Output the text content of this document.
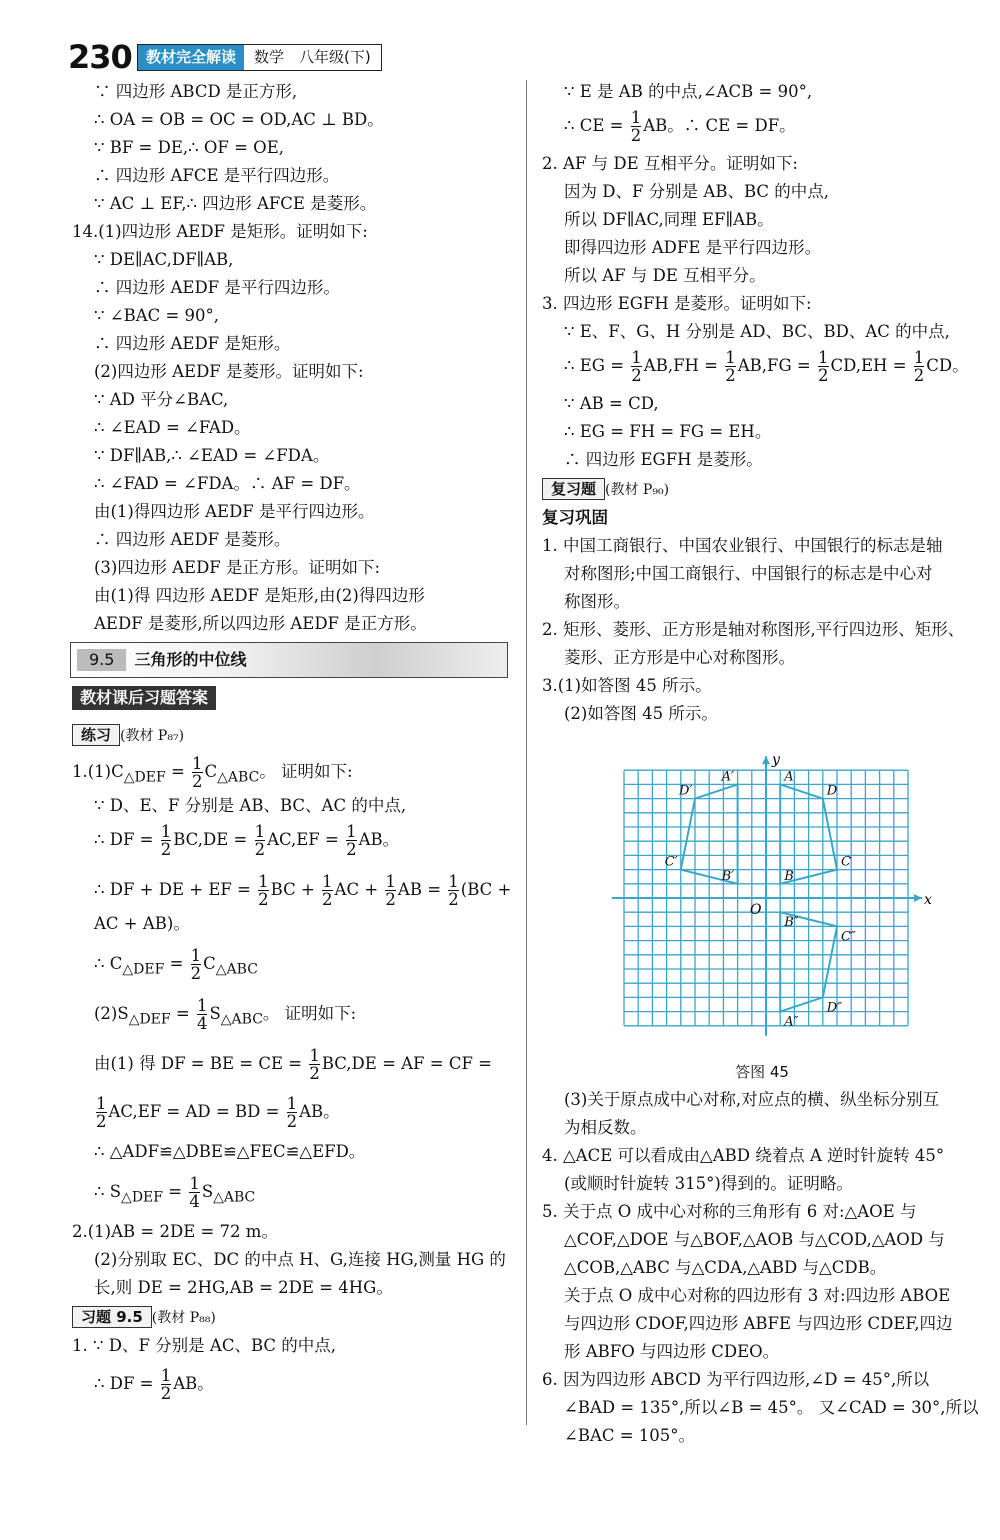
230 教材完全解读	数学　八年级(下)
∵ 四边形 ABCD 是正方形,
∴ OA = OB = OC = OD,AC ⊥ BD。
∵ BF = DE,∴ OF = OE,
∴ 四边形 AFCE 是平行四边形。
∵ AC ⊥ EF,∴ 四边形 AFCE 是菱形。
14.(1)四边形 AEDF 是矩形。证明如下:
∵ DE∥AC,DF∥AB,
∴ 四边形 AEDF 是平行四边形。
∵ ∠BAC = 90°,
∴ 四边形 AEDF 是矩形。
(2)四边形 AEDF 是菱形。证明如下:
∵ AD 平分∠BAC,
∴ ∠EAD = ∠FAD。
∵ DF∥AB,∴ ∠EAD = ∠FDA。
∴ ∠FAD = ∠FDA。∴ AF = DF。
由(1)得四边形 AEDF 是平行四边形。
∴ 四边形 AEDF 是菱形。
(3)四边形 AEDF 是正方形。证明如下:
由(1)得 四边形 AEDF 是矩形,由(2)得四边形
AEDF 是菱形,所以四边形 AEDF 是正方形。
9.5	三角形的中位线
教材课后习题答案
练习 (教材 P₈₇)
$1.(1)C_{\triangle DEF} = \frac{1}{2} C_{\triangle ABC}$。 证明如下:
∵ D、E、F 分别是 AB、BC、AC 的中点,
∴ DF = $\frac{1}{2} BC,DE = \frac{1}{2} AC,EF = \frac{1}{2}$ AB。
∴ DF + DE + EF = $\frac{1}{2}$ BC + $\frac{1}{2}$ AC + $\frac{1}{2}$ AB = $\frac{1}{2} (BC$ +
AC + AB)。
∴ $C_{\triangle DEF} = \frac{1}{2} C_{\triangle ABC}$
$(2)S_{\triangle DEF} = \frac{1}{4} S_{\triangle ABC}$。 证明如下:
由(1) 得 DF = BE = CE = $\frac{1}{2} BC,DE$ = AF = CF =
$\frac{1}{2} AC,EF$ = AD = BD = $\frac{1}{2}$ AB。
∴ △ADF≌△DBE≌△FEC≌△EFD。
∴ $S_{\triangle DEF} = \frac{1}{4} S_{\triangle ABC}$
2.(1)AB = 2DE = 72 m。
(2)分别取 EC、DC 的中点 H、G,连接 HG,测量 HG 的
长,则 DE = 2HG,AB = 2DE = 4HG。
习题 9.5 (教材 P₈₈)
1. ∵ D、F 分别是 AC、BC 的中点,
∴ DF = $\frac{1}{2}$ AB。
∵ E 是 AB 的中点,∠ACB = 90°,
∴ CE = $\frac{1}{2}$ AB。∴ CE = DF。
2. AF 与 DE 互相平分。证明如下:
因为 D、F 分别是 AB、BC 的中点,
所以 DF∥AC,同理 EF∥AB。
即得四边形 ADFE 是平行四边形。
所以 AF 与 DE 互相平分。
3. 四边形 EGFH 是菱形。证明如下:
∵ E、F、G、H 分别是 AD、BC、BD、AC 的中点,
∴ EG = $\frac{1}{2} AB,FH = \frac{1}{2} AB,FG = \frac{1}{2} CD,EH = \frac{1}{2}$ CD。
∵ AB = CD,
∴ EG = FH = FG = EH。
∴ 四边形 EGFH 是菱形。
复习题 (教材 P₉₀)
复习巩固
1. 中国工商银行、中国农业银行、中国银行的标志是轴
对称图形;中国工商银行、中国银行的标志是中心对
称图形。
2. 矩形、菱形、正方形是轴对称图形,平行四边形、矩形、
菱形、正方形是中心对称图形。
3.(1)如答图 45 所示。
(2)如答图 45 所示。
x
y
O
A
B
C
D
A′
B′
C′
D′
A″
B″
C″
D″
答图 45
(3)关于原点成中心对称,对应点的横、纵坐标分别互
为相反数。
4. △ACE 可以看成由△ABD 绕着点 A 逆时针旋转 45°
(或顺时针旋转 315°)得到的。证明略。
5. 关于点 O 成中心对称的三角形有 6 对:△AOE 与
△COF,△DOE 与△BOF,△AOB 与△COD,△AOD 与
△COB,△ABC 与△CDA,△ABD 与△CDB。
关于点 O 成中心对称的四边形有 3 对:四边形 ABOE
与四边形 CDOF,四边形 ABFE 与四边形 CDEF,四边
形 ABFO 与四边形 CDEO。
6. 因为四边形 ABCD 为平行四边形,∠D = 45°,所以
∠BAD = 135°,所以∠B = 45°。 又∠CAD = 30°,所以
∠BAC = 105°。
